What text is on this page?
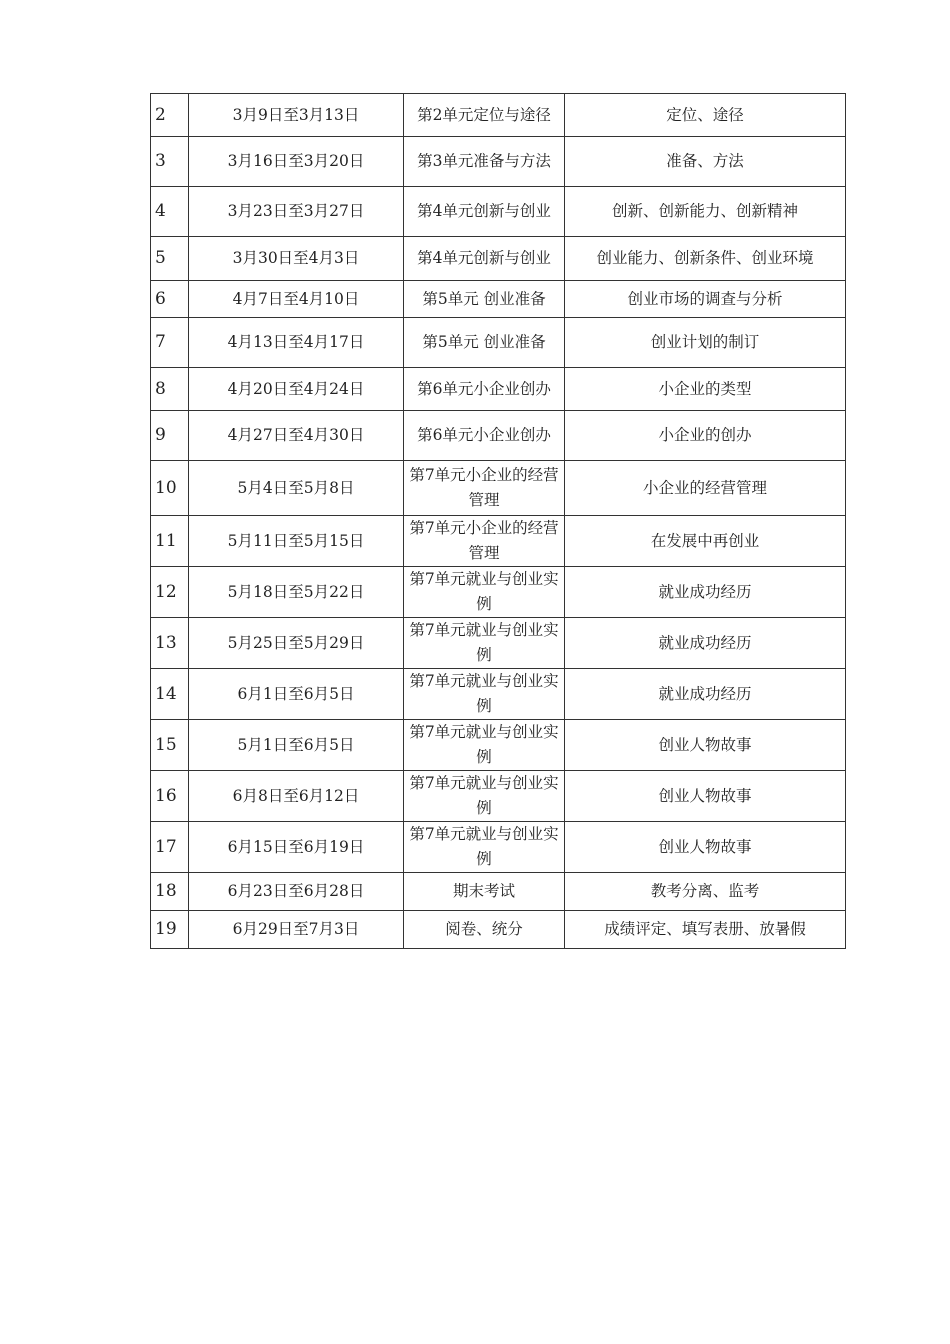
2	3月9日至3月13日	第2单元定位与途径	定位、途径
3	3月16日至3月20日	第3单元准备与方法	准备、方法
4	3月23日至3月27日	第4单元创新与创业	创新、创新能力、创新精神
5	3月30日至4月3日	第4单元创新与创业	创业能力、创新条件、创业环境
6	4月7日至4月10日	第5单元 创业准备	创业市场的调查与分析
7	4月13日至4月17日	第5单元 创业准备	创业计划的制订
8	4月20日至4月24日	第6单元小企业创办	小企业的类型
9	4月27日至4月30日	第6单元小企业创办	小企业的创办
10	5月4日至5月8日	第7单元小企业的经营管理	小企业的经营管理
11	5月11日至5月15日	第7单元小企业的经营管理	在发展中再创业
12	5月18日至5月22日	第7单元就业与创业实例	就业成功经历
13	5月25日至5月29日	第7单元就业与创业实例	就业成功经历
14	6月1日至6月5日	第7单元就业与创业实例	就业成功经历
15	5月1日至6月5日	第7单元就业与创业实例	创业人物故事
16	6月8日至6月12日	第7单元就业与创业实例	创业人物故事
17	6月15日至6月19日	第7单元就业与创业实例	创业人物故事
18	6月23日至6月28日	期末考试	教考分离、监考
19	6月29日至7月3日	阅卷、统分	成绩评定、填写表册、放暑假
